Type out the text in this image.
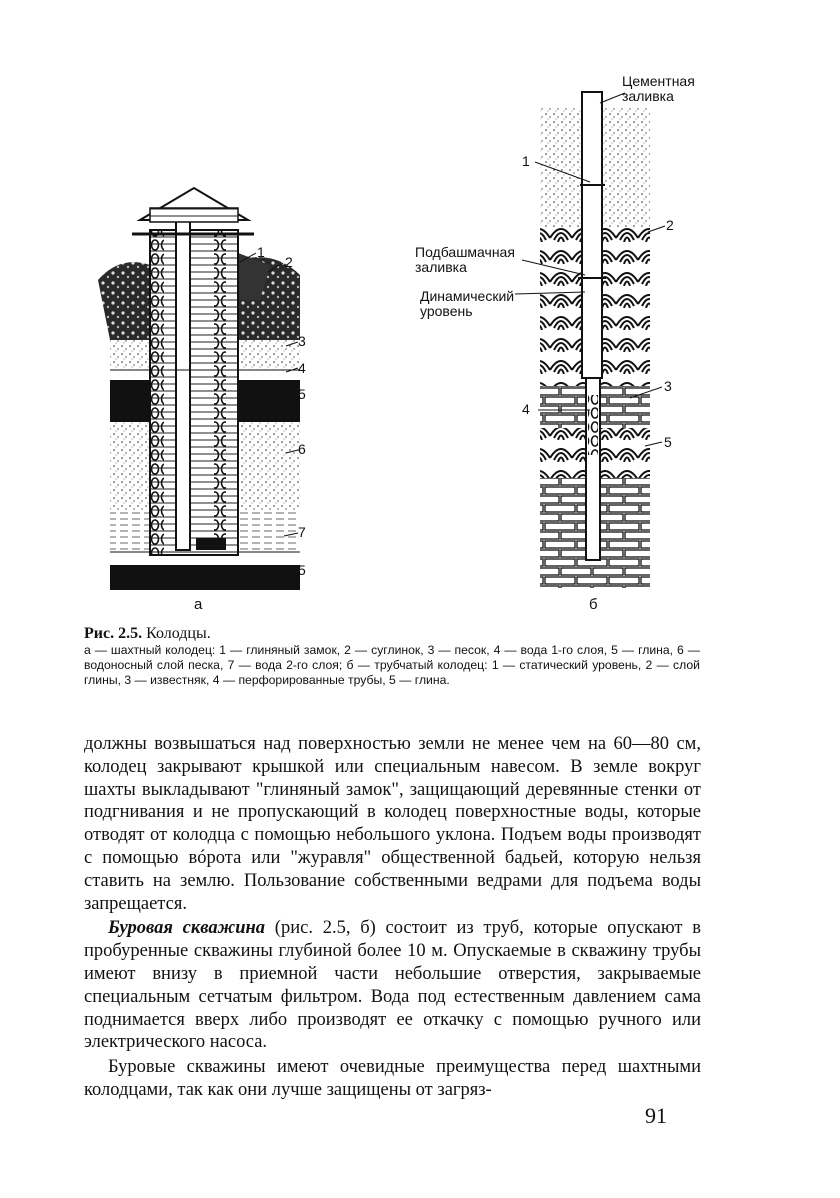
1
2
3
4
5
6
7
5
Цементная
заливка
1
2
Подбашмачная
заливка
Динамический
уровень
3
4
5
а	б
Рис. 2.5. Колодцы.
а — шахтный колодец: 1 — глиняный замок, 2 — суглинок, 3 — песок, 4 — вода 1-го слоя, 5 — глина, 6 — водоносный слой песка, 7 — вода 2-го слоя; б — трубчатый колодец: 1 — статический уровень, 2 — слой глины, 3 — известняк, 4 — перфорированные трубы, 5 — глина.

должны возвышаться над поверхностью земли не менее чем на 60—80 см, колодец закрывают крышкой или специальным навесом. В земле вокруг шахты выкладывают "глиняный замок", защищающий деревянные стенки от подгнивания и не пропускающий в колодец поверхностные воды, которые отводят от колодца с помощью небольшого уклона. Подъем воды производят с помощью вóрота или "журавля" общественной бадьей, которую нельзя ставить на землю. Пользование собственными ведрами для подъема воды запрещается.

Буровая скважина (рис. 2.5, б) состоит из труб, которые опускают в пробуренные скважины глубиной более 10 м. Опускаемые в скважину трубы имеют внизу в приемной части небольшие отверстия, закрываемые специальным сетчатым фильтром. Вода под естественным давлением сама поднимается вверх либо производят ее откачку с помощью ручного или электрического насоса.

Буровые скважины имеют очевидные преимущества перед шахтными колодцами, так как они лучше защищены от загряз-

91
